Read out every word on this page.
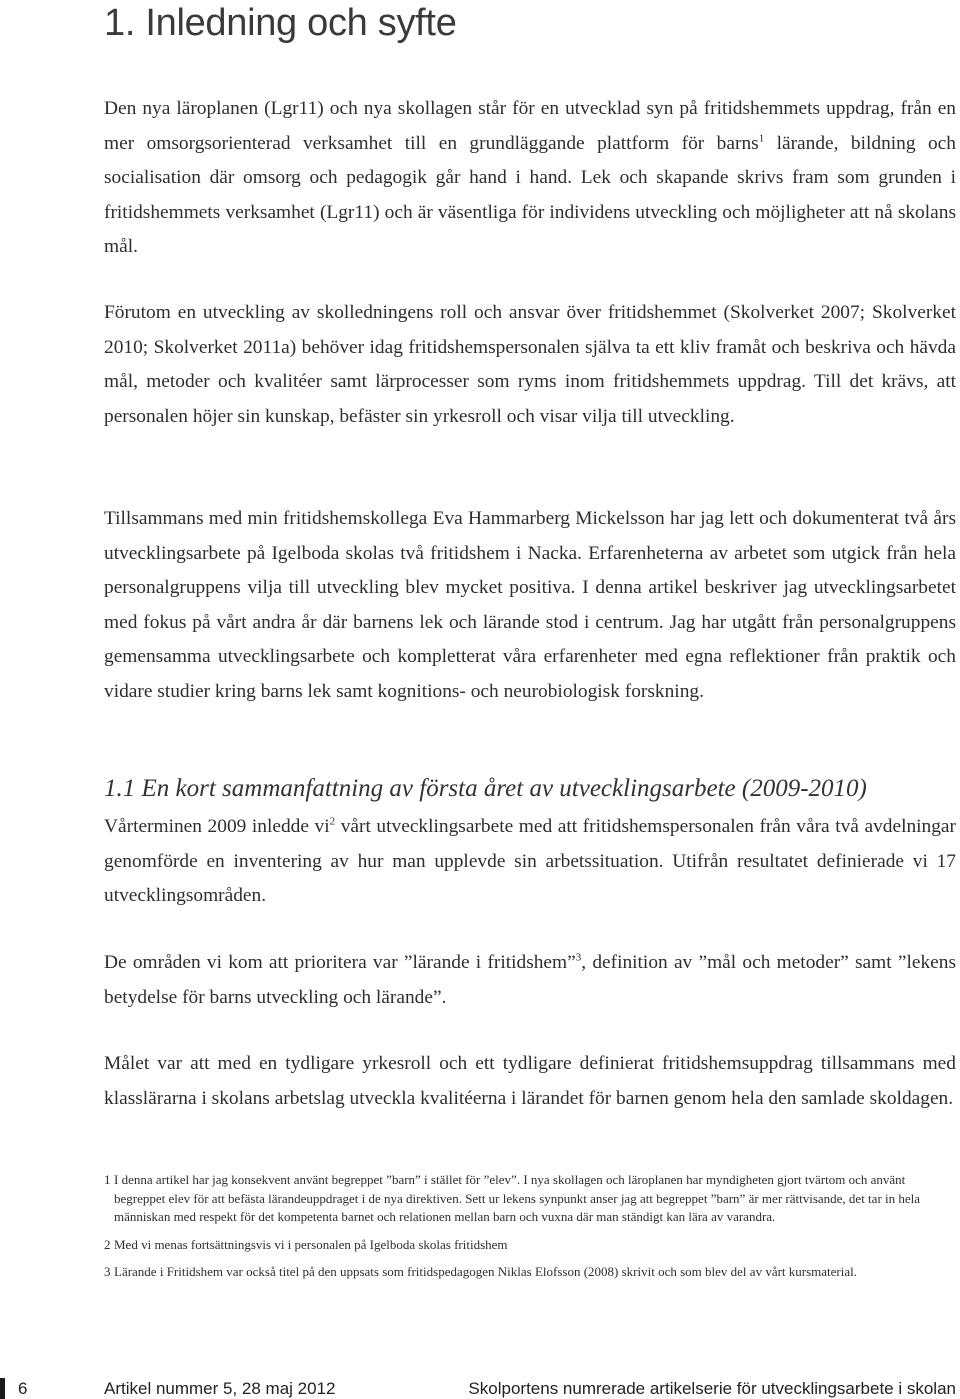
1. Inledning och syfte

Den nya läroplanen (Lgr11) och nya skollagen står för en utvecklad syn på fritidshemmets uppdrag, från en mer omsorgsorienterad verksamhet till en grundläggande plattform för barns$^1$ lärande, bildning och socialisation där omsorg och pedagogik går hand i hand. Lek och skapande skrivs fram som grunden i fritidshemmets verksamhet (Lgr11) och är väsentliga för individens utveckling och möjligheter att nå skolans mål.

Förutom en utveckling av skolledningens roll och ansvar över fritidshemmet (Skolverket 2007; Skolverket 2010; Skolverket 2011a) behöver idag fritidshemspersonalen själva ta ett kliv framåt och beskriva och hävda mål, metoder och kvalitéer samt lärprocesser som ryms inom fritidshemmets uppdrag. Till det krävs, att personalen höjer sin kunskap, befäster sin yrkesroll och visar vilja till utveckling.

Tillsammans med min fritidshemskollega Eva Hammarberg Mickelsson har jag lett och dokumenterat två års utvecklingsarbete på Igelboda skolas två fritidshem i Nacka. Erfarenheterna av arbetet som utgick från hela personalgruppens vilja till utveckling blev mycket positiva. I denna artikel beskriver jag utvecklingsarbetet med fokus på vårt andra år där barnens lek och lärande stod i centrum. Jag har utgått från personalgruppens gemensamma utvecklingsarbete och kompletterat våra erfarenheter med egna reflektioner från praktik och vidare studier kring barns lek samt kognitions- och neurobiologisk forskning.

1.1 En kort sammanfattning av första året av utvecklingsarbete (2009-2010)

Vårterminen 2009 inledde $vi^2$ vårt utvecklingsarbete med att fritidshemspersonalen från våra två avdelningar genomförde en inventering av hur man upplevde sin arbetssituation. Utifrån resultatet definierade vi 17 utvecklingsområden.

De områden vi kom att prioritera var ”lärande i fritidshem”$^3$, definition av ”mål och metoder” samt ”lekens betydelse för barns utveckling och lärande”.

Målet var att med en tydligare yrkesroll och ett tydligare definierat fritidshemsuppdrag tillsammans med klasslärarna i skolans arbetslag utveckla kvalitéerna i lärandet för barnen genom hela den samlade skoldagen.

1 I denna artikel har jag konsekvent använt begreppet ”barn” i stället för ”elev”. I nya skollagen och läroplanen har myndigheten gjort tvärtom och använt begreppet elev för att befästa lärandeuppdraget i de nya direktiven. Sett ur lekens synpunkt anser jag att begreppet ”barn” är mer rättvisande, det tar in hela människan med respekt för det kompetenta barnet och relationen mellan barn och vuxna där man ständigt kan lära av varandra.

2 Med vi menas fortsättningsvis vi i personalen på Igelboda skolas fritidshem

3 Lärande i Fritidshem var också titel på den uppsats som fritidspedagogen Niklas Elofsson (2008) skrivit och som blev del av vårt kursmaterial.

6	Artikel nummer 5, 28 maj 2012	Skolportens numrerade artikelserie för utvecklingsarbete i skolan
